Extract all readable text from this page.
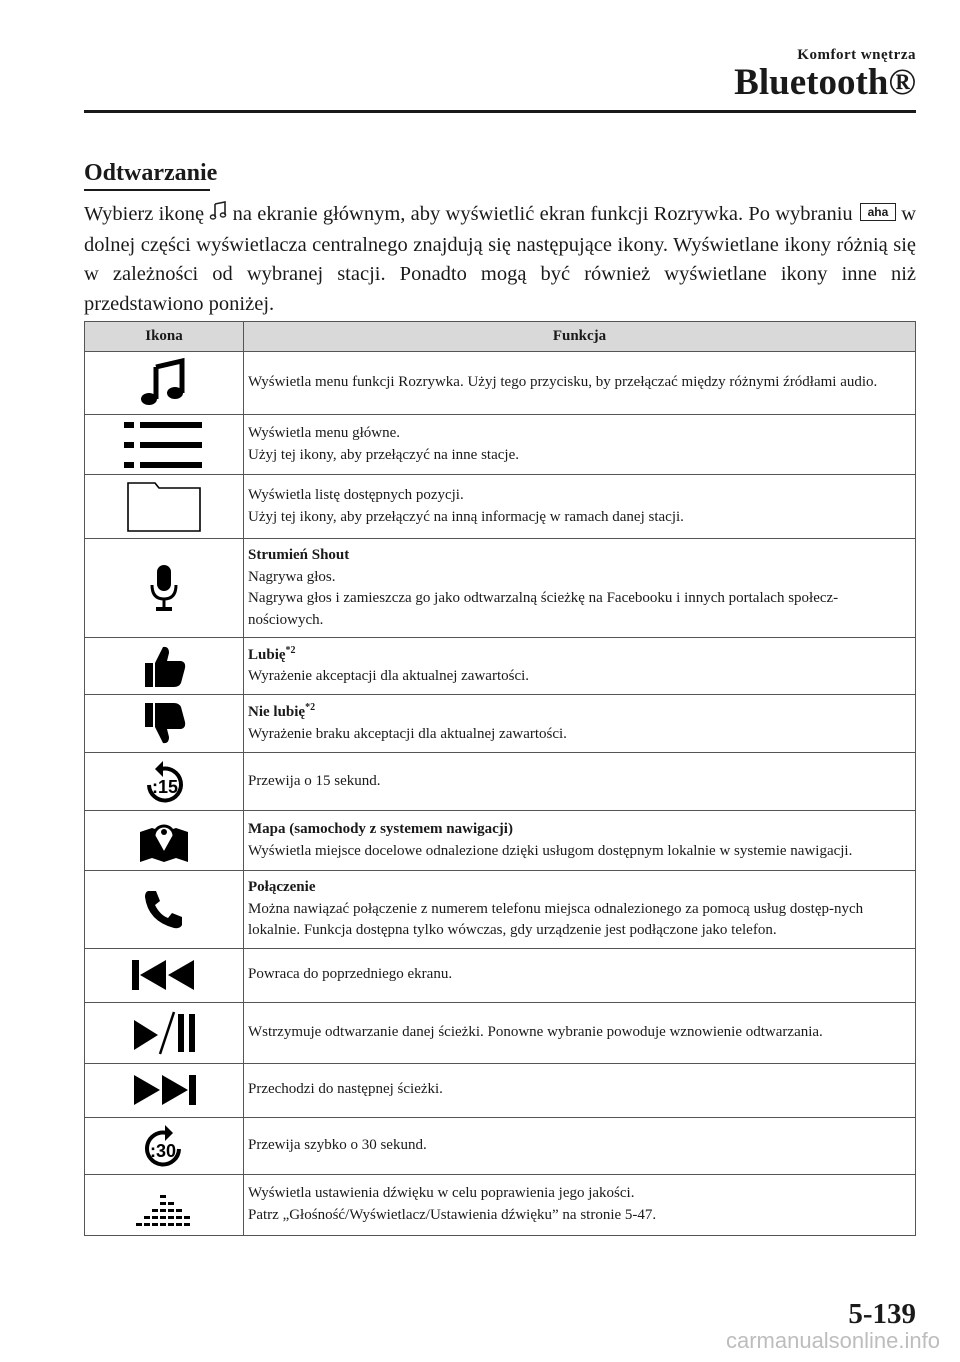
Komfort wnętrza
Bluetooth®
Odtwarzanie
Wybierz ikonę  na ekranie głównym, aby wyświetlić ekran funkcji Rozrywka. Po wybraniu aha w dolnej części wyświetlacza centralnego znajdują się następujące ikony. Wyświetlane ikony różnią się w zależności od wybranej stacji. Ponadto mogą być również wyświetlane ikony inne niż przedstawiono poniżej.
Ikona	Funkcja

Wyświetla menu funkcji Rozrywka. Użyj tego przycisku, by przełączać między różnymi źródłami audio.

Wyświetla menu główne.
Użyj tej ikony, aby przełączyć na inne stacje.

Wyświetla listę dostępnych pozycji.
Użyj tej ikony, aby przełączyć na inną informację w ramach danej stacji.

Strumień Shout
Nagrywa głos.
Nagrywa głos i zamieszcza go jako odtwarzalną ścieżkę na Facebooku i innych portalach społecz-nościowych.

Lubię$^{*2}$
Wyrażenie akceptacji dla aktualnej zawartości.

Nie lubię$^{*2}$
Wyrażenie braku akceptacji dla aktualnej zawartości.

:15	Przewija o 15 sekund.

Mapa (samochody z systemem nawigacji)
Wyświetla miejsce docelowe odnalezione dzięki usługom dostępnym lokalnie w systemie nawigacji.

Połączenie
Można nawiązać połączenie z numerem telefonu miejsca odnalezionego za pomocą usług dostęp-nych lokalnie. Funkcja dostępna tylko wówczas, gdy urządzenie jest podłączone jako telefon.

Powraca do poprzedniego ekranu.

Wstrzymuje odtwarzanie danej ścieżki. Ponowne wybranie powoduje wznowienie odtwarzania.

Przechodzi do następnej ścieżki.

:30	Przewija szybko o 30 sekund.

Wyświetla ustawienia dźwięku w celu poprawienia jego jakości.
Patrz „Głośność/Wyświetlacz/Ustawienia dźwięku” na stronie 5-47.
5-139
carmanualsonline.info
